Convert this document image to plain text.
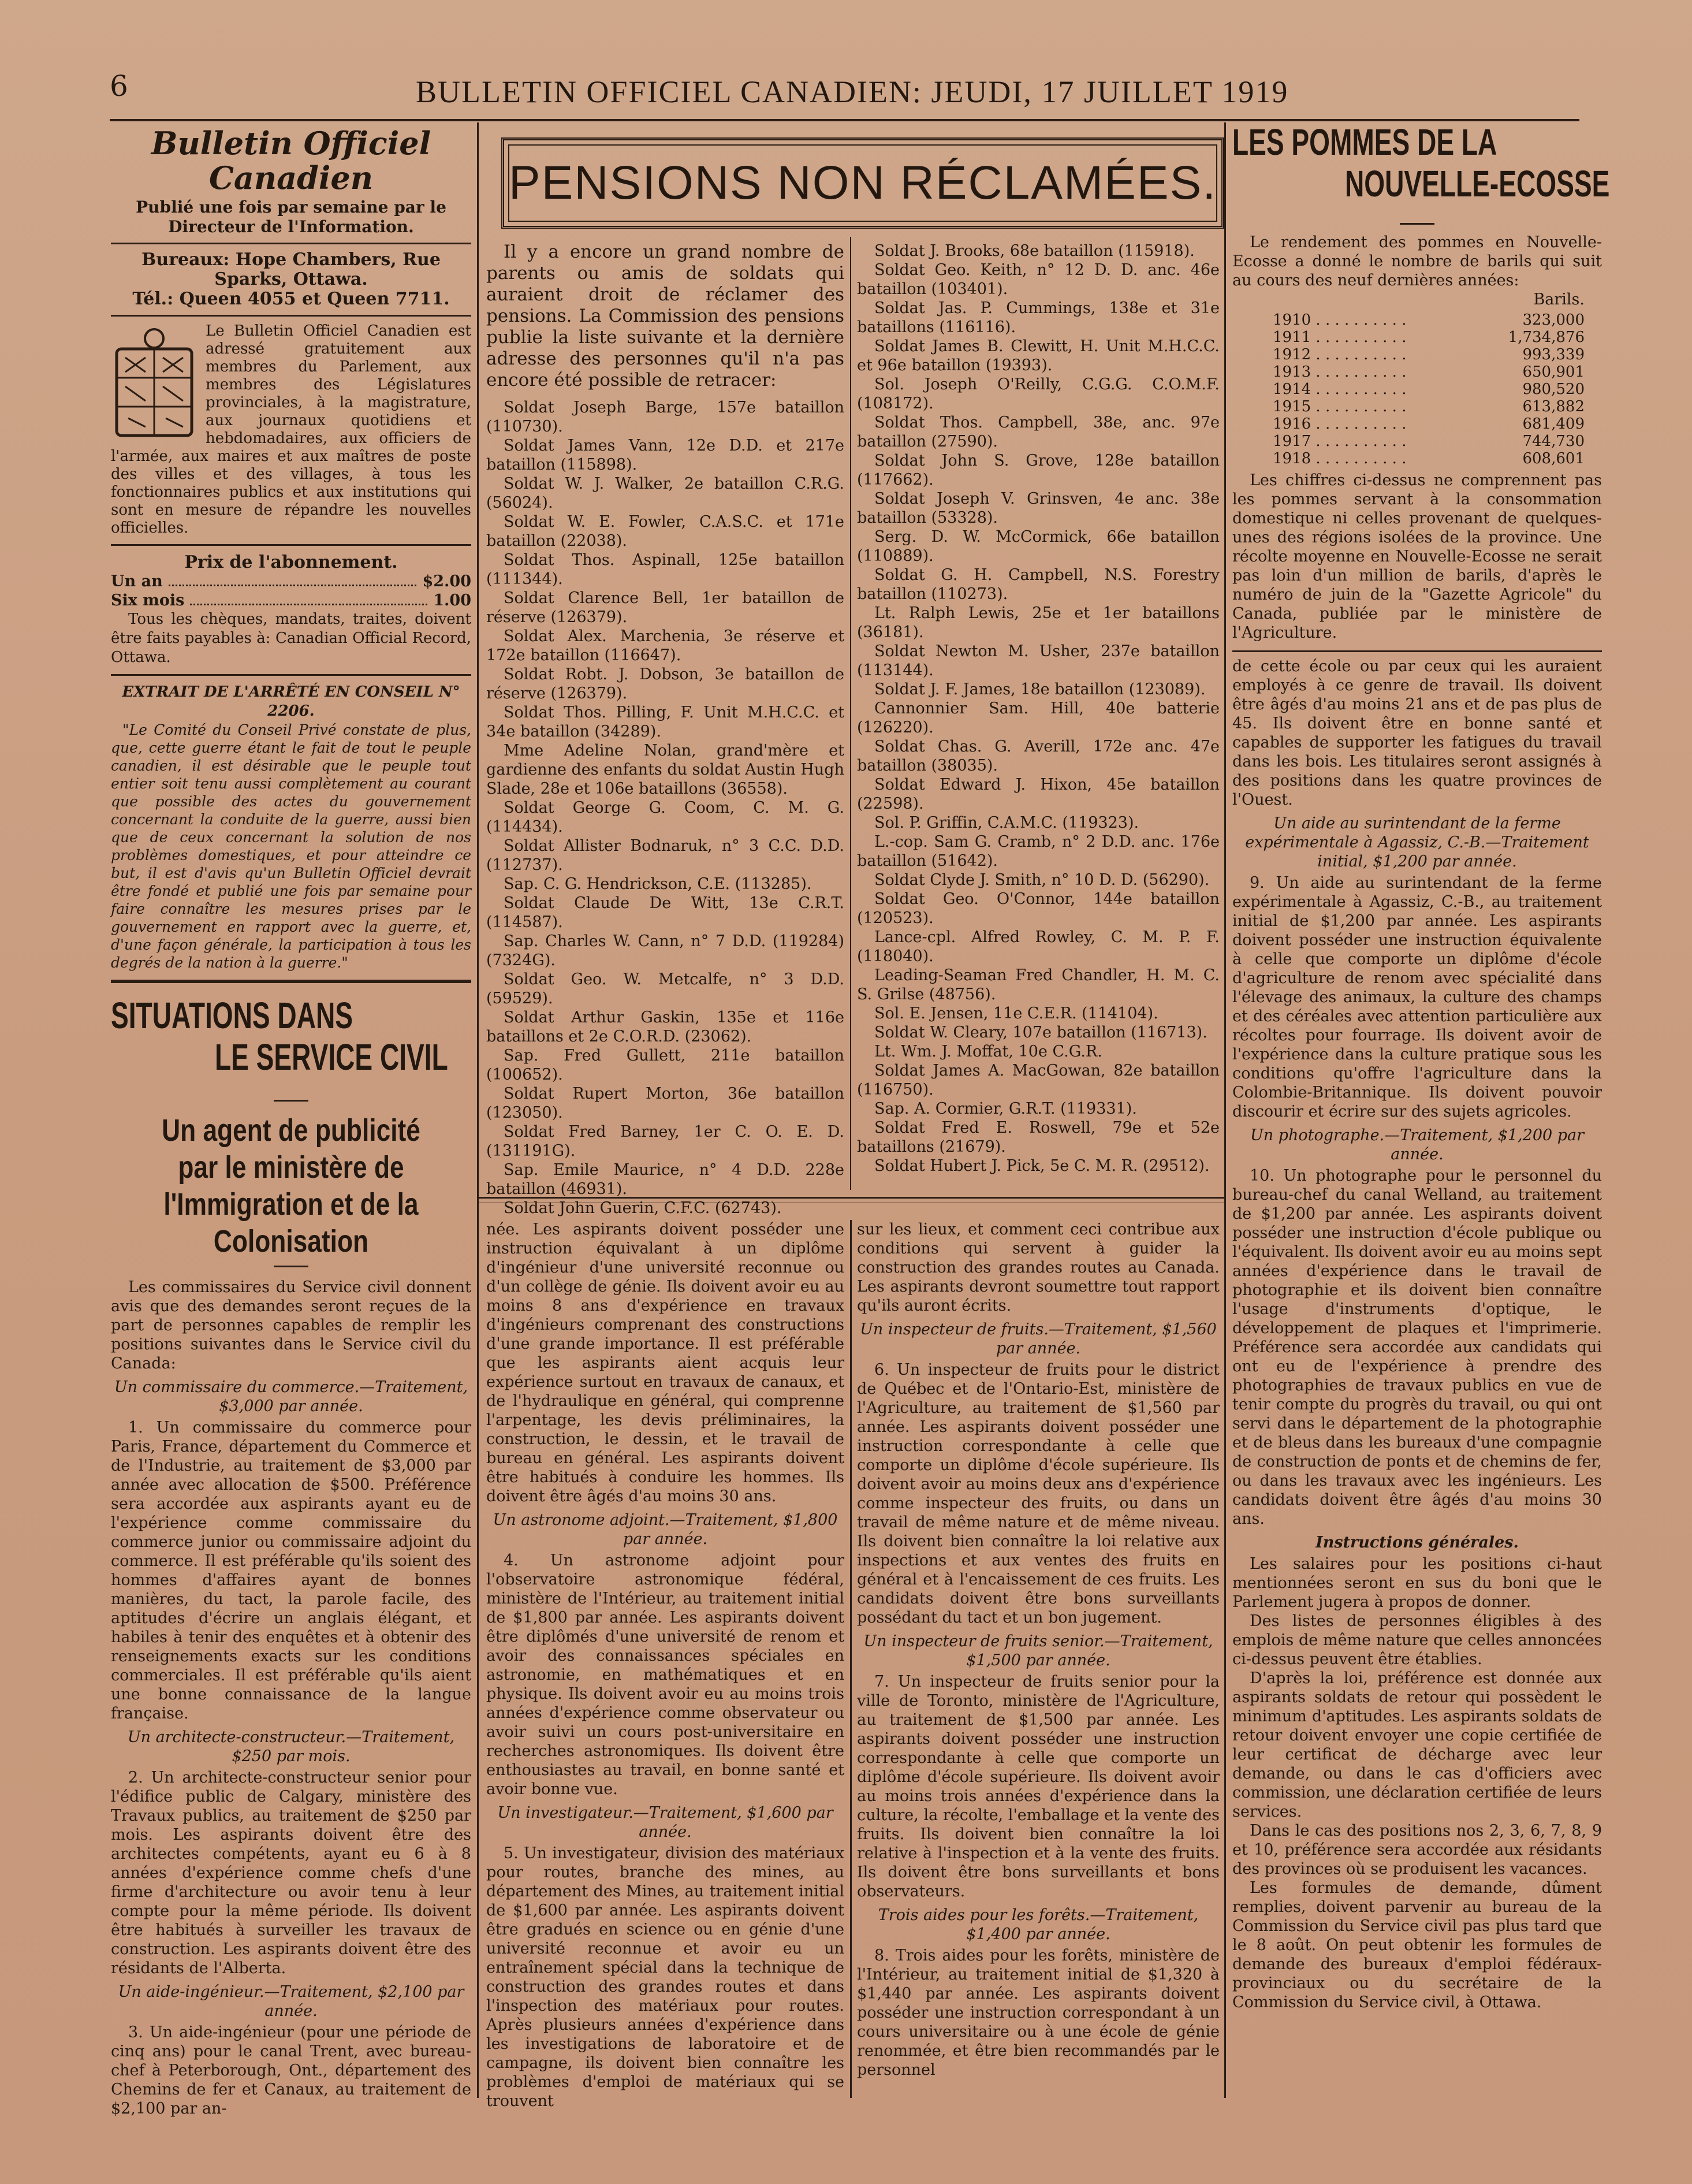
6	BULLETIN OFFICIEL CANADIEN: JEUDI, 17 JUILLET 1919
Bulletin Officiel Canadien
Publié une fois par semaine par le Directeur de l'Information.
Bureaux: Hope Chambers, Rue Sparks, Ottawa.
Tél.: Queen 4055 et Queen 7711.
Le Bulletin Officiel Canadien est adressé gratuitement aux membres du Parlement, aux membres des Législatures provinciales, à la magistrature, aux journaux quotidiens et hebdomadaires, aux officiers de l'armée, aux maires et aux maîtres de poste des villes et des villages, à tous les fonctionnaires publics et aux institutions qui sont en mesure de répandre les nouvelles officielles.
Prix de l'abonnement.
Un an	$2.00
Six mois	1.00
Tous les chèques, mandats, traites, doivent être faits payables à: Canadian Official Record, Ottawa.
EXTRAIT DE L'ARRÊTÉ EN CONSEIL N° 2206.
"Le Comité du Conseil Privé constate de plus, que, cette guerre étant le fait de tout le peuple canadien, il est désirable que le peuple tout entier soit tenu aussi complètement au courant que possible des actes du gouvernement concernant la conduite de la guerre, aussi bien que de ceux concernant la solution de nos problèmes domestiques, et pour atteindre ce but, il est d'avis qu'un Bulletin Officiel devrait être fondé et publié une fois par semaine pour faire connaître les mesures prises par le gouvernement en rapport avec la guerre, et, d'une façon générale, la participation à tous les degrés de la nation à la guerre."
SITUATIONS DANS
LE SERVICE CIVIL
Un agent de publicité par le ministère de l'Immigration et de la Colonisation
Les commissaires du Service civil donnent avis que des demandes seront reçues de la part de personnes capables de remplir les positions suivantes dans le Service civil du Canada:
Un commissaire du commerce.—Traitement, $3,000 par année.
1. Un commissaire du commerce pour Paris, France, département du Commerce et de l'Industrie, au traitement de $3,000 par année avec allocation de $500. Préférence sera accordée aux aspirants ayant eu de l'expérience comme commissaire du commerce junior ou commissaire adjoint du commerce. Il est préférable qu'ils soient des hommes d'affaires ayant de bonnes manières, du tact, la parole facile, des aptitudes d'écrire un anglais élégant, et habiles à tenir des enquêtes et à obtenir des renseignements exacts sur les conditions commerciales. Il est préférable qu'ils aient une bonne connaissance de la langue française.
Un architecte-constructeur.—Traitement, $250 par mois.
2. Un architecte-constructeur senior pour l'édifice public de Calgary, ministère des Travaux publics, au traitement de $250 par mois. Les aspirants doivent être des architectes compétents, ayant eu 6 à 8 années d'expérience comme chefs d'une firme d'architecture ou avoir tenu à leur compte pour la même période. Ils doivent être habitués à surveiller les travaux de construction. Les aspirants doivent être des résidants de l'Alberta.
Un aide-ingénieur.—Traitement, $2,100 par année.
3. Un aide-ingénieur (pour une période de cinq ans) pour le canal Trent, avec bureau-chef à Peterborough, Ont., département des Chemins de fer et Canaux, au traitement de $2,100 par an-
PENSIONS NON RÉCLAMÉES.
Il y a encore un grand nombre de parents ou amis de soldats qui auraient droit de réclamer des pensions. La Commission des pensions publie la liste suivante et la dernière adresse des personnes qu'il n'a pas encore été possible de retracer:
Soldat Joseph Barge, 157e bataillon (110730).
Soldat James Vann, 12e D.D. et 217e bataillon (115898).
Soldat W. J. Walker, 2e bataillon C.R.G. (56024).
Soldat W. E. Fowler, C.A.S.C. et 171e bataillon (22038).
Soldat Thos. Aspinall, 125e bataillon (111344).
Soldat Clarence Bell, 1er bataillon de réserve (126379).
Soldat Alex. Marchenia, 3e réserve et 172e bataillon (116647).
Soldat Robt. J. Dobson, 3e bataillon de réserve (126379).
Soldat Thos. Pilling, F. Unit M.H.C.C. et 34e bataillon (34289).
Mme Adeline Nolan, grand'mère et gardienne des enfants du soldat Austin Hugh Slade, 28e et 106e bataillons (36558).
Soldat George G. Coom, C. M. G. (114434).
Soldat Allister Bodnaruk, n° 3 C.C. D.D. (112737).
Sap. C. G. Hendrickson, C.E. (113285).
Soldat Claude De Witt, 13e C.R.T. (114587).
Sap. Charles W. Cann, n° 7 D.D. (119284) (7324G).
Soldat Geo. W. Metcalfe, n° 3 D.D. (59529).
Soldat Arthur Gaskin, 135e et 116e bataillons et 2e C.O.R.D. (23062).
Sap. Fred Gullett, 211e bataillon (100652).
Soldat Rupert Morton, 36e bataillon (123050).
Soldat Fred Barney, 1er C. O. E. D. (131191G).
Sap. Emile Maurice, n° 4 D.D. 228e bataillon (46931).
Soldat John Guerin, C.F.C. (62743).
Soldat J. Brooks, 68e bataillon (115918).
Soldat Geo. Keith, n° 12 D. D. anc. 46e bataillon (103401).
Soldat Jas. P. Cummings, 138e et 31e bataillons (116116).
Soldat James B. Clewitt, H. Unit M.H.C.C. et 96e bataillon (19393).
Sol. Joseph O'Reilly, C.G.G. C.O.M.F. (108172).
Soldat Thos. Campbell, 38e, anc. 97e bataillon (27590).
Soldat John S. Grove, 128e bataillon (117662).
Soldat Joseph V. Grinsven, 4e anc. 38e bataillon (53328).
Serg. D. W. McCormick, 66e bataillon (110889).
Soldat G. H. Campbell, N.S. Forestry bataillon (110273).
Lt. Ralph Lewis, 25e et 1er bataillons (36181).
Soldat Newton M. Usher, 237e bataillon (113144).
Soldat J. F. James, 18e bataillon (123089).
Cannonnier Sam. Hill, 40e batterie (126220).
Soldat Chas. G. Averill, 172e anc. 47e bataillon (38035).
Soldat Edward J. Hixon, 45e bataillon (22598).
Sol. P. Griffin, C.A.M.C. (119323).
L.-cop. Sam G. Cramb, n° 2 D.D. anc. 176e bataillon (51642).
Soldat Clyde J. Smith, n° 10 D. D. (56290).
Soldat Geo. O'Connor, 144e bataillon (120523).
Lance-cpl. Alfred Rowley, C. M. P. F. (118040).
Leading-Seaman Fred Chandler, H. M. C. S. Grilse (48756).
Sol. E. Jensen, 11e C.E.R. (114104).
Soldat W. Cleary, 107e bataillon (116713).
Lt. Wm. J. Moffat, 10e C.G.R.
Soldat James A. MacGowan, 82e bataillon (116750).
Sap. A. Cormier, G.R.T. (119331).
Soldat Fred E. Roswell, 79e et 52e bataillons (21679).
Soldat Hubert J. Pick, 5e C. M. R. (29512).
née. Les aspirants doivent posséder une instruction équivalant à un diplôme d'ingénieur d'une université reconnue ou d'un collège de génie. Ils doivent avoir eu au moins 8 ans d'expérience en travaux d'ingénieurs comprenant des constructions d'une grande importance. Il est préférable que les aspirants aient acquis leur expérience surtout en travaux de canaux, et de l'hydraulique en général, qui comprenne l'arpentage, les devis préliminaires, la construction, le dessin, et le travail de bureau en général. Les aspirants doivent être habitués à conduire les hommes. Ils doivent être âgés d'au moins 30 ans.
Un astronome adjoint.—Traitement, $1,800 par année.
4. Un astronome adjoint pour l'observatoire astronomique fédéral, ministère de l'Intérieur, au traitement initial de $1,800 par année. Les aspirants doivent être diplômés d'une université de renom et avoir des connaissances spéciales en astronomie, en mathématiques et en physique. Ils doivent avoir eu au moins trois années d'expérience comme observateur ou avoir suivi un cours post-universitaire en recherches astronomiques. Ils doivent être enthousiastes au travail, en bonne santé et avoir bonne vue.
Un investigateur.—Traitement, $1,600 par année.
5. Un investigateur, division des matériaux pour routes, branche des mines, au département des Mines, au traitement initial de $1,600 par année. Les aspirants doivent être gradués en science ou en génie d'une université reconnue et avoir eu un entraînement spécial dans la technique de construction des grandes routes et dans l'inspection des matériaux pour routes. Après plusieurs années d'expérience dans les investigations de laboratoire et de campagne, ils doivent bien connaître les problèmes d'emploi de matériaux qui se trouvent
sur les lieux, et comment ceci contribue aux conditions qui servent à guider la construction des grandes routes au Canada. Les aspirants devront soumettre tout rapport qu'ils auront écrits.
Un inspecteur de fruits.—Traitement, $1,560 par année.
6. Un inspecteur de fruits pour le district de Québec et de l'Ontario-Est, ministère de l'Agriculture, au traitement de $1,560 par année. Les aspirants doivent posséder une instruction correspondante à celle que comporte un diplôme d'école supérieure. Ils doivent avoir au moins deux ans d'expérience comme inspecteur des fruits, ou dans un travail de même nature et de même niveau. Ils doivent bien connaître la loi relative aux inspections et aux ventes des fruits en général et à l'encaissement de ces fruits. Les candidats doivent être bons surveillants possédant du tact et un bon jugement.
Un inspecteur de fruits senior.—Traitement, $1,500 par année.
7. Un inspecteur de fruits senior pour la ville de Toronto, ministère de l'Agriculture, au traitement de $1,500 par année. Les aspirants doivent posséder une instruction correspondante à celle que comporte un diplôme d'école supérieure. Ils doivent avoir au moins trois années d'expérience dans la culture, la récolte, l'emballage et la vente des fruits. Ils doivent bien connaître la loi relative à l'inspection et à la vente des fruits. Ils doivent être bons surveillants et bons observateurs.
Trois aides pour les forêts.—Traitement, $1,400 par année.
8. Trois aides pour les forêts, ministère de l'Intérieur, au traitement initial de $1,320 à $1,440 par année. Les aspirants doivent posséder une instruction correspondant à un cours universitaire ou à une école de génie renommée, et être bien recommandés par le personnel
LES POMMES DE LA
NOUVELLE-ECOSSE
Le rendement des pommes en Nouvelle-Ecosse a donné le nombre de barils qui suit au cours des neuf dernières années:
Barils.
1910 . . . . . . . . . .	323,000
1911 . . . . . . . . . .	1,734,876
1912 . . . . . . . . . .	993,339
1913 . . . . . . . . . .	650,901
1914 . . . . . . . . . .	980,520
1915 . . . . . . . . . .	613,882
1916 . . . . . . . . . .	681,409
1917 . . . . . . . . . .	744,730
1918 . . . . . . . . . .	608,601
Les chiffres ci-dessus ne comprennent pas les pommes servant à la consommation domestique ni celles provenant de quelques-unes des régions isolées de la province. Une récolte moyenne en Nouvelle-Ecosse ne serait pas loin d'un million de barils, d'après le numéro de juin de la "Gazette Agricole" du Canada, publiée par le ministère de l'Agriculture.
de cette école ou par ceux qui les auraient employés à ce genre de travail. Ils doivent être âgés d'au moins 21 ans et de pas plus de 45. Ils doivent être en bonne santé et capables de supporter les fatigues du travail dans les bois. Les titulaires seront assignés à des positions dans les quatre provinces de l'Ouest.
Un aide au surintendant de la ferme expérimentale à Agassiz, C.-B.—Traitement initial, $1,200 par année.
9. Un aide au surintendant de la ferme expérimentale à Agassiz, C.-B., au traitement initial de $1,200 par année. Les aspirants doivent posséder une instruction équivalente à celle que comporte un diplôme d'école d'agriculture de renom avec spécialité dans l'élevage des animaux, la culture des champs et des céréales avec attention particulière aux récoltes pour fourrage. Ils doivent avoir de l'expérience dans la culture pratique sous les conditions qu'offre l'agriculture dans la Colombie-Britannique. Ils doivent pouvoir discourir et écrire sur des sujets agricoles.
Un photographe.—Traitement, $1,200 par année.
10. Un photographe pour le personnel du bureau-chef du canal Welland, au traitement de $1,200 par année. Les aspirants doivent posséder une instruction d'école publique ou l'équivalent. Ils doivent avoir eu au moins sept années d'expérience dans le travail de photographie et ils doivent bien connaître l'usage d'instruments d'optique, le développement de plaques et l'imprimerie. Préférence sera accordée aux candidats qui ont eu de l'expérience à prendre des photographies de travaux publics en vue de tenir compte du progrès du travail, ou qui ont servi dans le département de la photographie et de bleus dans les bureaux d'une compagnie de construction de ponts et de chemins de fer, ou dans les travaux avec les ingénieurs. Les candidats doivent être âgés d'au moins 30 ans.
Instructions générales.
Les salaires pour les positions ci-haut mentionnées seront en sus du boni que le Parlement jugera à propos de donner.
Des listes de personnes éligibles à des emplois de même nature que celles annoncées ci-dessus peuvent être établies.
D'après la loi, préférence est donnée aux aspirants soldats de retour qui possèdent le minimum d'aptitudes. Les aspirants soldats de retour doivent envoyer une copie certifiée de leur certificat de décharge avec leur demande, ou dans le cas d'officiers avec commission, une déclaration certifiée de leurs services.
Dans le cas des positions nos 2, 3, 6, 7, 8, 9 et 10, préférence sera accordée aux résidants des provinces où se produisent les vacances.
Les formules de demande, dûment remplies, doivent parvenir au bureau de la Commission du Service civil pas plus tard que le 8 août. On peut obtenir les formules de demande des bureaux d'emploi fédéraux-provinciaux ou du secrétaire de la Commission du Service civil, à Ottawa.
